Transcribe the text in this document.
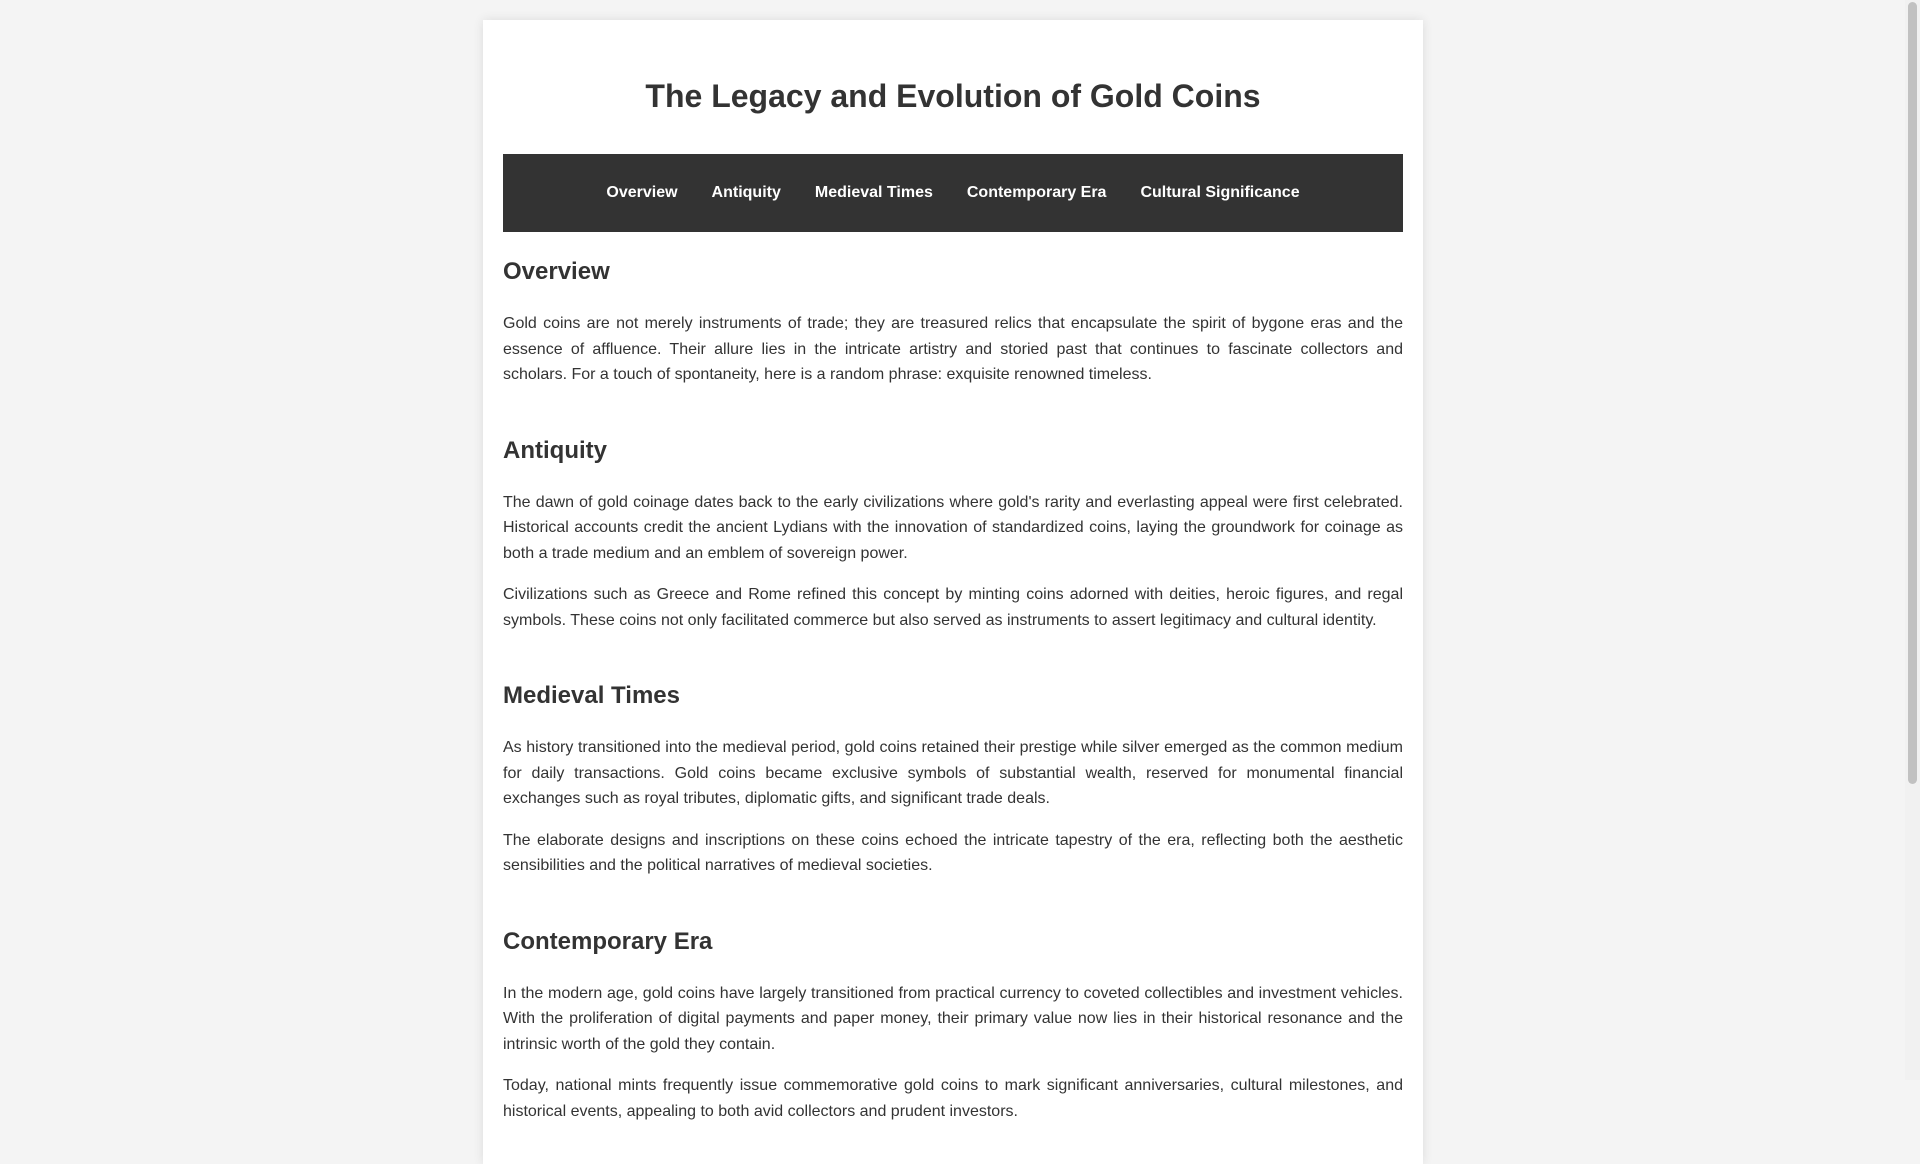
The Legacy and Evolution of Gold Coins
Overview Antiquity Medieval Times Contemporary Era Cultural Significance
Overview

Gold coins are not merely instruments of trade; they are treasured relics that encapsulate the spirit of bygone eras and the essence of affluence. Their allure lies in the intricate artistry and storied past that continues to fascinate collectors and scholars. For a touch of spontaneity, here is a random phrase: exquisite renowned timeless.

Antiquity

The dawn of gold coinage dates back to the early civilizations where gold's rarity and everlasting appeal were first celebrated. Historical accounts credit the ancient Lydians with the innovation of standardized coins, laying the groundwork for coinage as both a trade medium and an emblem of sovereign power.

Civilizations such as Greece and Rome refined this concept by minting coins adorned with deities, heroic figures, and regal symbols. These coins not only facilitated commerce but also served as instruments to assert legitimacy and cultural identity.

Medieval Times

As history transitioned into the medieval period, gold coins retained their prestige while silver emerged as the common medium for daily transactions. Gold coins became exclusive symbols of substantial wealth, reserved for monumental financial exchanges such as royal tributes, diplomatic gifts, and significant trade deals.

The elaborate designs and inscriptions on these coins echoed the intricate tapestry of the era, reflecting both the aesthetic sensibilities and the political narratives of medieval societies.

Contemporary Era

In the modern age, gold coins have largely transitioned from practical currency to coveted collectibles and investment vehicles. With the proliferation of digital payments and paper money, their primary value now lies in their historical resonance and the intrinsic worth of the gold they contain.

Today, national mints frequently issue commemorative gold coins to mark significant anniversaries, cultural milestones, and historical events, appealing to both avid collectors and prudent investors.
